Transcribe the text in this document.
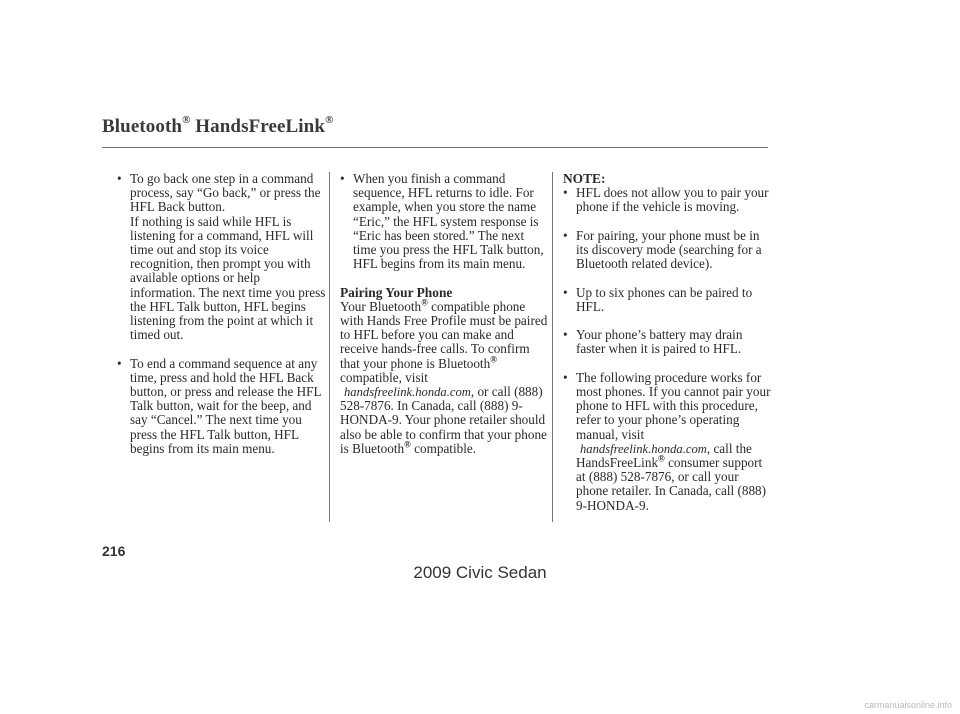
Bluetooth® HandsFreeLink®
• To go back one step in a command process, say “Go back,” or press the HFL Back button.
If nothing is said while HFL is listening for a command, HFL will time out and stop its voice recognition, then prompt you with available options or help information. The next time you press the HFL Talk button, HFL begins listening from the point at which it timed out.
• To end a command sequence at any time, press and hold the HFL Back button, or press and release the HFL Talk button, wait for the beep, and say “Cancel.” The next time you press the HFL Talk button, HFL begins from its main menu.
• When you finish a command sequence, HFL returns to idle. For example, when you store the name “Eric,” the HFL system response is “Eric has been stored.” The next time you press the HFL Talk button, HFL begins from its main menu.
Pairing Your Phone
Your Bluetooth® compatible phone with Hands Free Profile must be paired to HFL before you can make and receive hands-free calls. To confirm that your phone is Bluetooth® compatible, visit
handsfreelink.honda.com, or call (888) 528-7876. In Canada, call (888) 9-HONDA-9. Your phone retailer should also be able to confirm that your phone is Bluetooth® compatible.
NOTE:
• HFL does not allow you to pair your phone if the vehicle is moving.
• For pairing, your phone must be in its discovery mode (searching for a Bluetooth related device).
• Up to six phones can be paired to HFL.
• Your phone’s battery may drain faster when it is paired to HFL.
• The following procedure works for most phones. If you cannot pair your phone to HFL with this procedure, refer to your phone’s operating manual, visit
handsfreelink.honda.com, call the HandsFreeLink® consumer support at (888) 528-7876, or call your phone retailer. In Canada, call (888) 9-HONDA-9.
216
2009 Civic Sedan
carmanualsonline.info
